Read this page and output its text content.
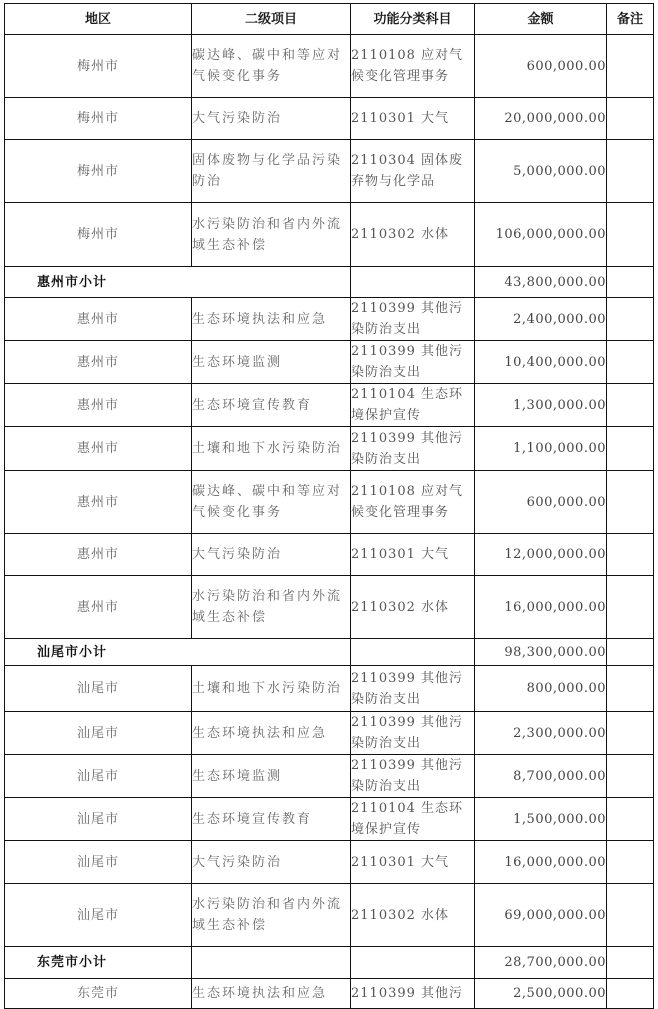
地区	二级项目	功能分类科目	金额	备注
梅州市	碳达峰、碳中和等应对气候变化事务	2110108 应对气候变化管理事务	600,000.00	
梅州市	大气污染防治	2110301 大气	20,000,000.00	
梅州市	固体废物与化学品污染防治	2110304 固体废弃物与化学品	5,000,000.00	
梅州市	水污染防治和省内外流域生态补偿	2110302 水体	106,000,000.00	
惠州市小计			43,800,000.00	
惠州市	生态环境执法和应急	2110399 其他污染防治支出	2,400,000.00	
惠州市	生态环境监测	2110399 其他污染防治支出	10,400,000.00	
惠州市	生态环境宣传教育	2110104 生态环境保护宣传	1,300,000.00	
惠州市	土壤和地下水污染防治	2110399 其他污染防治支出	1,100,000.00	
惠州市	碳达峰、碳中和等应对气候变化事务	2110108 应对气候变化管理事务	600,000.00	
惠州市	大气污染防治	2110301 大气	12,000,000.00	
惠州市	水污染防治和省内外流域生态补偿	2110302 水体	16,000,000.00	
汕尾市小计			98,300,000.00	
汕尾市	土壤和地下水污染防治	2110399 其他污染防治支出	800,000.00	
汕尾市	生态环境执法和应急	2110399 其他污染防治支出	2,300,000.00	
汕尾市	生态环境监测	2110399 其他污染防治支出	8,700,000.00	
汕尾市	生态环境宣传教育	2110104 生态环境保护宣传	1,500,000.00	
汕尾市	大气污染防治	2110301 大气	16,000,000.00	
汕尾市	水污染防治和省内外流域生态补偿	2110302 水体	69,000,000.00	
东莞市小计			28,700,000.00	
东莞市	生态环境执法和应急	2110399 其他污	2,500,000.00	
